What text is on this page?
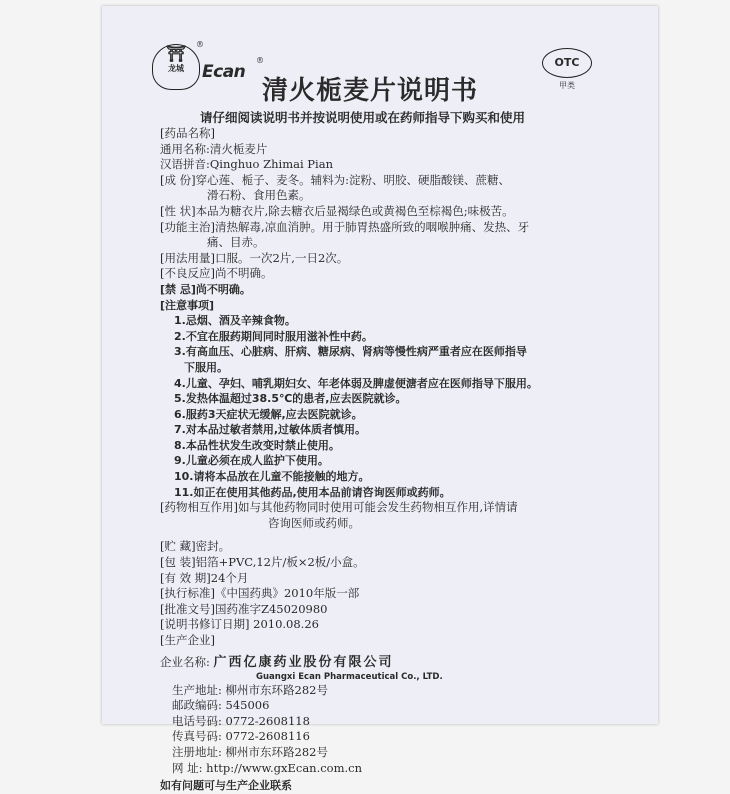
⛩
龙城
®
Ecan
®
清火栀麦片说明书
OTC
甲类
请仔细阅读说明书并按说明使用或在药师指导下购买和使用
[药品名称]
通用名称:清火栀麦片
汉语拼音:Qinghuo Zhimai Pian
[成 份]穿心莲、栀子、麦冬。辅料为:淀粉、明胶、硬脂酸镁、蔗糖、
滑石粉、食用色素。
[性 状]本品为糖衣片,除去糖衣后显褐绿色或黄褐色至棕褐色;味极苦。
[功能主治]清热解毒,凉血消肿。用于肺胃热盛所致的咽喉肿痛、发热、牙
痛、目赤。
[用法用量]口服。一次2片,一日2次。
[不良反应]尚不明确。
[禁 忌]尚不明确。
[注意事项]
1.忌烟、酒及辛辣食物。
2.不宜在服药期间同时服用滋补性中药。
3.有高血压、心脏病、肝病、糖尿病、肾病等慢性病严重者应在医师指导
下服用。
4.儿童、孕妇、哺乳期妇女、年老体弱及脾虚便溏者应在医师指导下服用。
5.发热体温超过38.5℃的患者,应去医院就诊。
6.服药3天症状无缓解,应去医院就诊。
7.对本品过敏者禁用,过敏体质者慎用。
8.本品性状发生改变时禁止使用。
9.儿童必须在成人监护下使用。
10.请将本品放在儿童不能接触的地方。
11.如正在使用其他药品,使用本品前请咨询医师或药师。
[药物相互作用]如与其他药物同时使用可能会发生药物相互作用,详情请
咨询医师或药师。
[贮 藏]密封。
[包 装]铝箔+PVC,12片/板×2板/小盒。
[有 效 期]24个月
[执行标准]《中国药典》2010年版一部
[批准文号]国药准字Z45020980
[说明书修订日期] 2010.08.26
[生产企业]
企业名称: 广西亿康药业股份有限公司
Guangxi Ecan Pharmaceutical Co., LTD.
生产地址: 柳州市东环路282号
邮政编码: 545006
电话号码: 0772-2608118
传真号码: 0772-2608116
注册地址: 柳州市东环路282号
网 址: http://www.gxEcan.com.cn
如有问题可与生产企业联系
